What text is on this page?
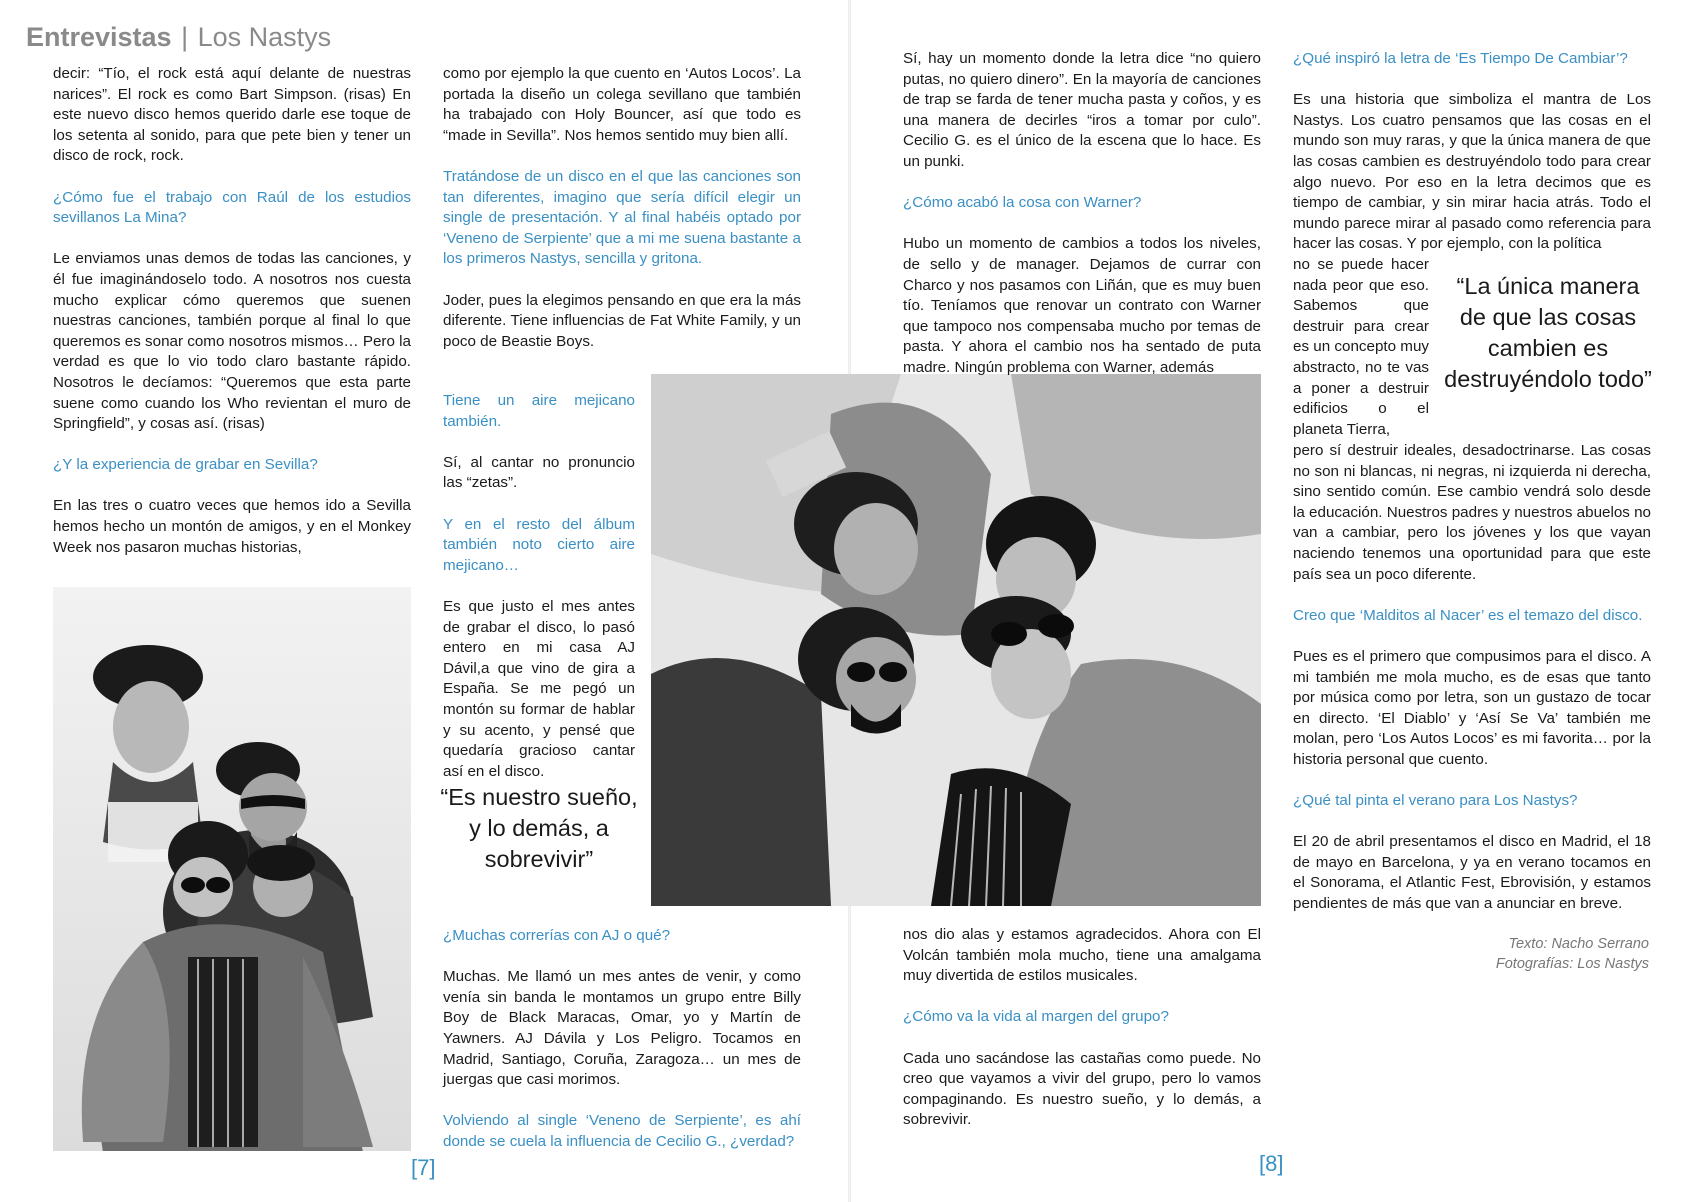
Entrevistas | Los Nastys

decir: “Tío, el rock está aquí delante de nuestras narices”. El rock es como Bart Simpson. (risas) En este nuevo disco hemos querido darle ese toque de los setenta al sonido, para que pete bien y tener un disco de rock, rock.

¿Cómo fue el trabajo con Raúl de los estudios sevillanos La Mina?

Le enviamos unas demos de todas las canciones, y él fue imaginándoselo todo. A nosotros nos cuesta mucho explicar cómo queremos que suenen nuestras canciones, también porque al final lo que queremos es sonar como nosotros mismos… Pero la verdad es que lo vio todo claro bastante rápido. Nosotros le decíamos: “Queremos que esta parte suene como cuando los Who revientan el muro de Springfield”, y cosas así. (risas)

¿Y la experiencia de grabar en Sevilla?

En las tres o cuatro veces que hemos ido a Sevilla hemos hecho un montón de amigos, y en el Monkey Week nos pasaron muchas historias,

como por ejemplo la que cuento en ‘Autos Locos’. La portada la diseño un colega sevillano que también ha trabajado con Holy Bouncer, así que todo es “made in Sevilla”. Nos hemos sentido muy bien allí.

Tratándose de un disco en el que las canciones son tan diferentes, imagino que sería difícil elegir un single de presentación. Y al final habéis optado por ‘Veneno de Serpiente’ que a mi me suena bastante a los primeros Nastys, sencilla y gritona.

Joder, pues la elegimos pensando en que era la más diferente. Tiene influencias de Fat White Family, y un poco de Beastie Boys.

Tiene un aire mejicano también.

Sí, al cantar no pronuncio las “zetas”.

Y en el resto del álbum también noto cierto aire mejicano…

Es que justo el mes antes de grabar el disco, lo pasó entero en mi casa AJ Dávil,a que vino de gira a España. Se me pegó un montón su formar de hablar y su acento, y pensé que quedaría gracioso cantar así en el disco.

“Es nuestro sueño, y lo demás, a sobrevivir”

¿Muchas correrías con AJ o qué?

Muchas. Me llamó un mes antes de venir, y como venía sin banda le montamos un grupo entre Billy Boy de Black Maracas, Omar, yo y Martín de Yawners. AJ Dávila y Los Peligro. Tocamos en Madrid, Santiago, Coruña, Zaragoza… un mes de juergas que casi morimos.

Volviendo al single ‘Veneno de Serpiente’, es ahí donde se cuela la influencia de Cecilio G., ¿verdad?

[7]

Sí, hay un momento donde la letra dice “no quiero putas, no quiero dinero”. En la mayoría de canciones de trap se farda de tener mucha pasta y coños, y es una manera de decirles “iros a tomar por culo”. Cecilio G. es el único de la escena que lo hace. Es un punki.

¿Cómo acabó la cosa con Warner?

Hubo un momento de cambios a todos los niveles, de sello y de manager. Dejamos de currar con Charco y nos pasamos con Liñán, que es muy buen tío. Teníamos que renovar un contrato con Warner que tampoco nos compensaba mucho por temas de pasta. Y ahora el cambio nos ha sentado de puta madre. Ningún problema con Warner, además

nos dio alas y estamos agradecidos. Ahora con El Volcán también mola mucho, tiene una amalgama muy divertida de estilos musicales.

¿Cómo va la vida al margen del grupo?

Cada uno sacándose las castañas como puede. No creo que vayamos a vivir del grupo, pero lo vamos compaginando. Es nuestro sueño, y lo demás, a sobrevivir.

¿Qué inspiró la letra de ‘Es Tiempo De Cambiar’?

Es una historia que simboliza el mantra de Los Nastys. Los cuatro pensamos que las cosas en el mundo son muy raras, y que la única manera de que las cosas cambien es destruyéndolo todo para crear algo nuevo. Por eso en la letra decimos que es tiempo de cambiar, y sin mirar hacia atrás. Todo el mundo parece mirar al pasado como referencia para hacer las cosas. Y por ejemplo, con la política

no se puede hacer nada peor que eso. Sabemos que destruir para crear es un concepto muy abstracto, no te vas a poner a destruir edificios o el planeta Tierra,

“La única manera de que las cosas cambien es destruyéndolo todo”

pero sí destruir ideales, desadoctrinarse. Las cosas no son ni blancas, ni negras, ni izquierda ni derecha, sino sentido común. Ese cambio vendrá solo desde la educación. Nuestros padres y nuestros abuelos no van a cambiar, pero los jóvenes y los que vayan naciendo tenemos una oportunidad para que este país sea un poco diferente.

Creo que ‘Malditos al Nacer’ es el temazo del disco.

Pues es el primero que compusimos para el disco. A mi también me mola mucho, es de esas que tanto por música como por letra, son un gustazo de tocar en directo. ‘El Diablo’ y ‘Así Se Va’ también me molan, pero ‘Los Autos Locos’ es mi favorita… por la historia personal que cuento.

¿Qué tal pinta el verano para Los Nastys?

El 20 de abril presentamos el disco en Madrid, el 18 de mayo en Barcelona, y ya en verano tocamos en el Sonorama, el Atlantic Fest, Ebrovisión, y estamos pendientes de más que van a anunciar en breve.

Texto: Nacho Serrano
Fotografías: Los Nastys
[8]
